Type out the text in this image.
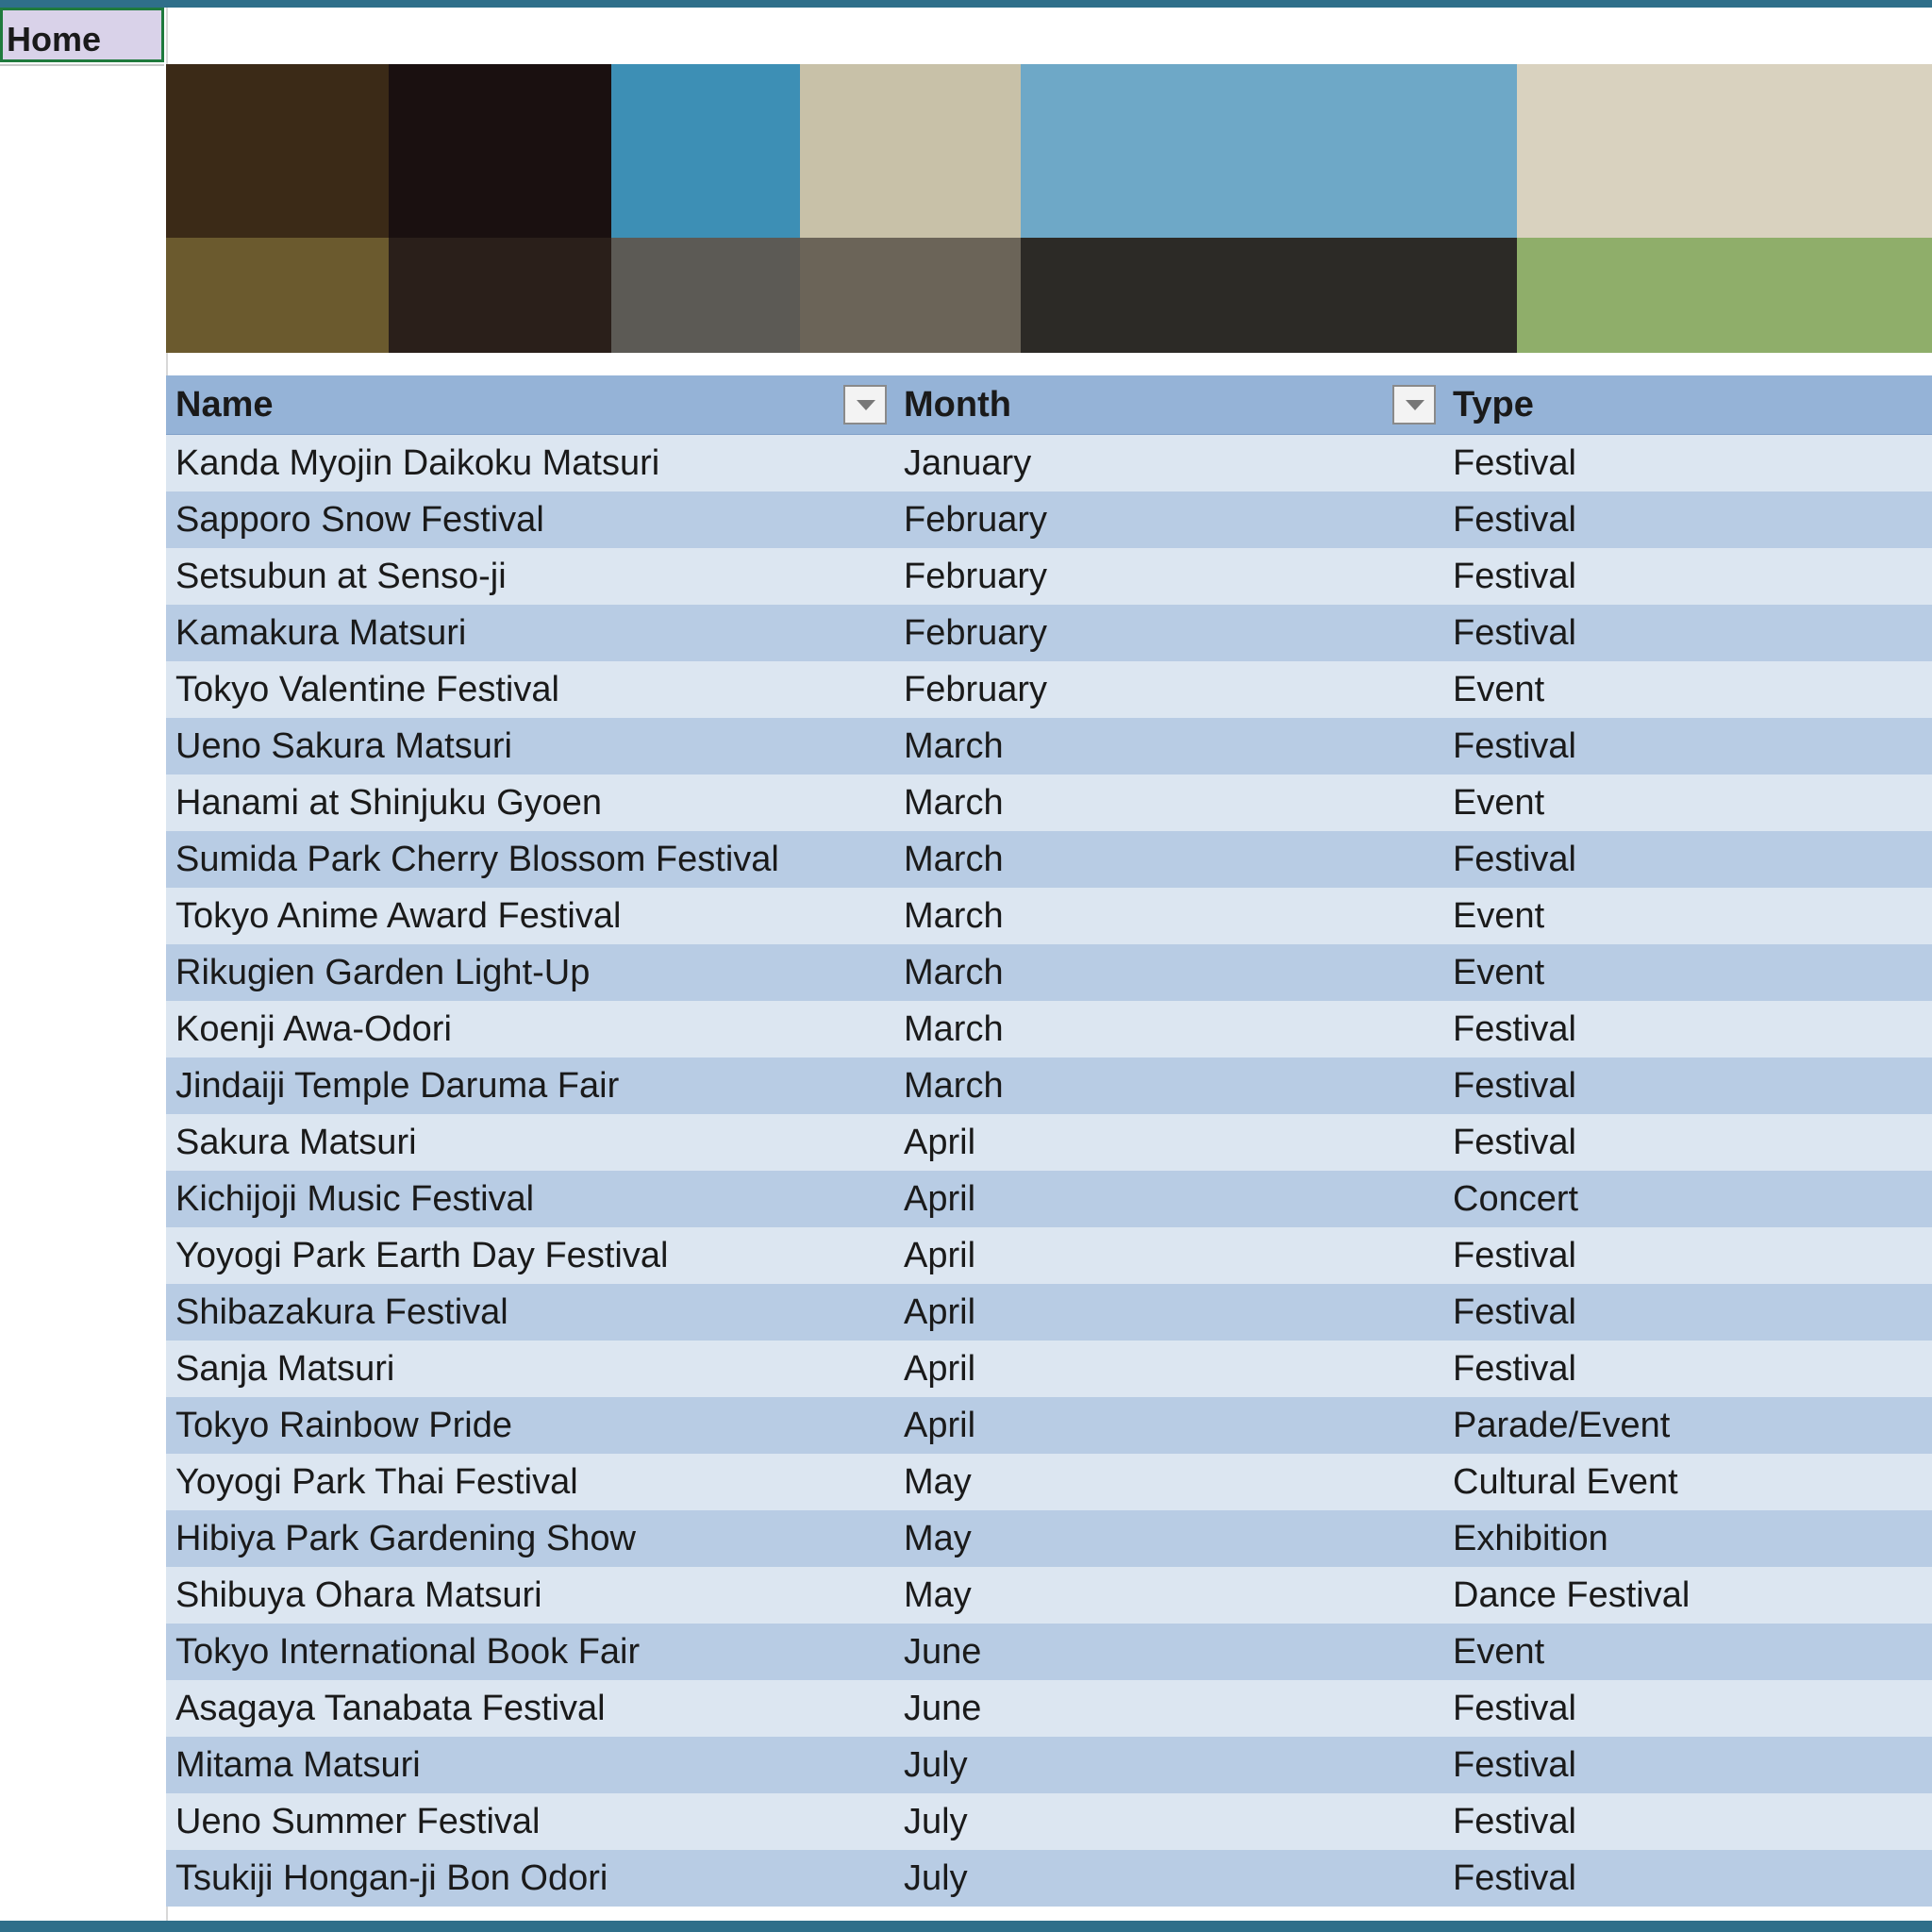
Home
Name	Month	Type
Kanda Myojin Daikoku Matsuri	January	Festival
Sapporo Snow Festival	February	Festival
Setsubun at Senso-ji	February	Festival
Kamakura Matsuri	February	Festival
Tokyo Valentine Festival	February	Event
Ueno Sakura Matsuri	March	Festival
Hanami at Shinjuku Gyoen	March	Event
Sumida Park Cherry Blossom Festival	March	Festival
Tokyo Anime Award Festival	March	Event
Rikugien Garden Light-Up	March	Event
Koenji Awa-Odori	March	Festival
Jindaiji Temple Daruma Fair	March	Festival
Sakura Matsuri	April	Festival
Kichijoji Music Festival	April	Concert
Yoyogi Park Earth Day Festival	April	Festival
Shibazakura Festival	April	Festival
Sanja Matsuri	April	Festival
Tokyo Rainbow Pride	April	Parade/Event
Yoyogi Park Thai Festival	May	Cultural Event
Hibiya Park Gardening Show	May	Exhibition
Shibuya Ohara Matsuri	May	Dance Festival
Tokyo International Book Fair	June	Event
Asagaya Tanabata Festival	June	Festival
Mitama Matsuri	July	Festival
Ueno Summer Festival	July	Festival
Tsukiji Hongan-ji Bon Odori	July	Festival
